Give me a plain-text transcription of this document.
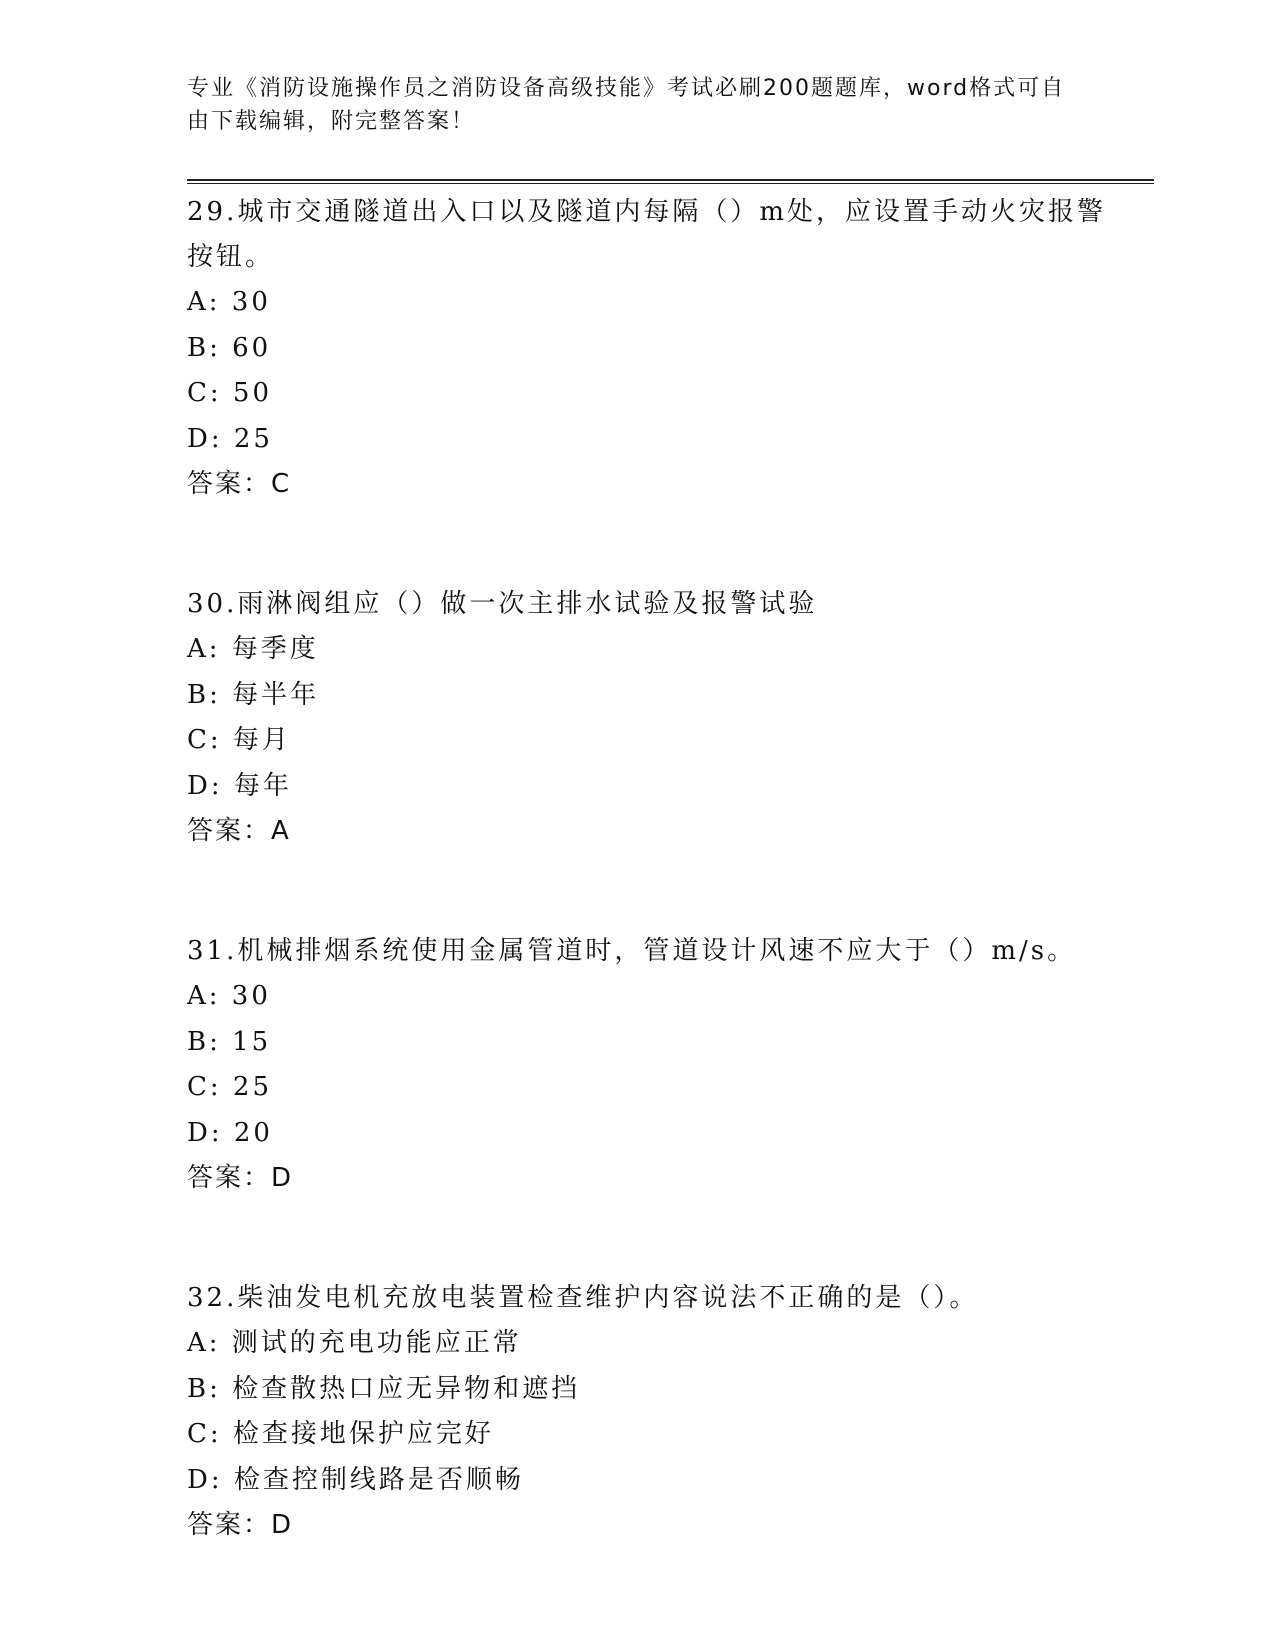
专业《消防设施操作员之消防设备高级技能》考试必刷200题题库，word格式可自由下载编辑，附完整答案！
29.城市交通隧道出入口以及隧道内每隔（）m处，应设置手动火灾报警按钮。
A: 30
B: 60
C: 50
D: 25
答案：C
30.雨淋阀组应（）做一次主排水试验及报警试验
A: 每季度
B: 每半年
C: 每月
D: 每年
答案：A
31.机械排烟系统使用金属管道时，管道设计风速不应大于（）m/s。
A: 30
B: 15
C: 25
D: 20
答案：D
32.柴油发电机充放电装置检查维护内容说法不正确的是（）。
A: 测试的充电功能应正常
B: 检查散热口应无异物和遮挡
C: 检查接地保护应完好
D: 检查控制线路是否顺畅
答案：D
